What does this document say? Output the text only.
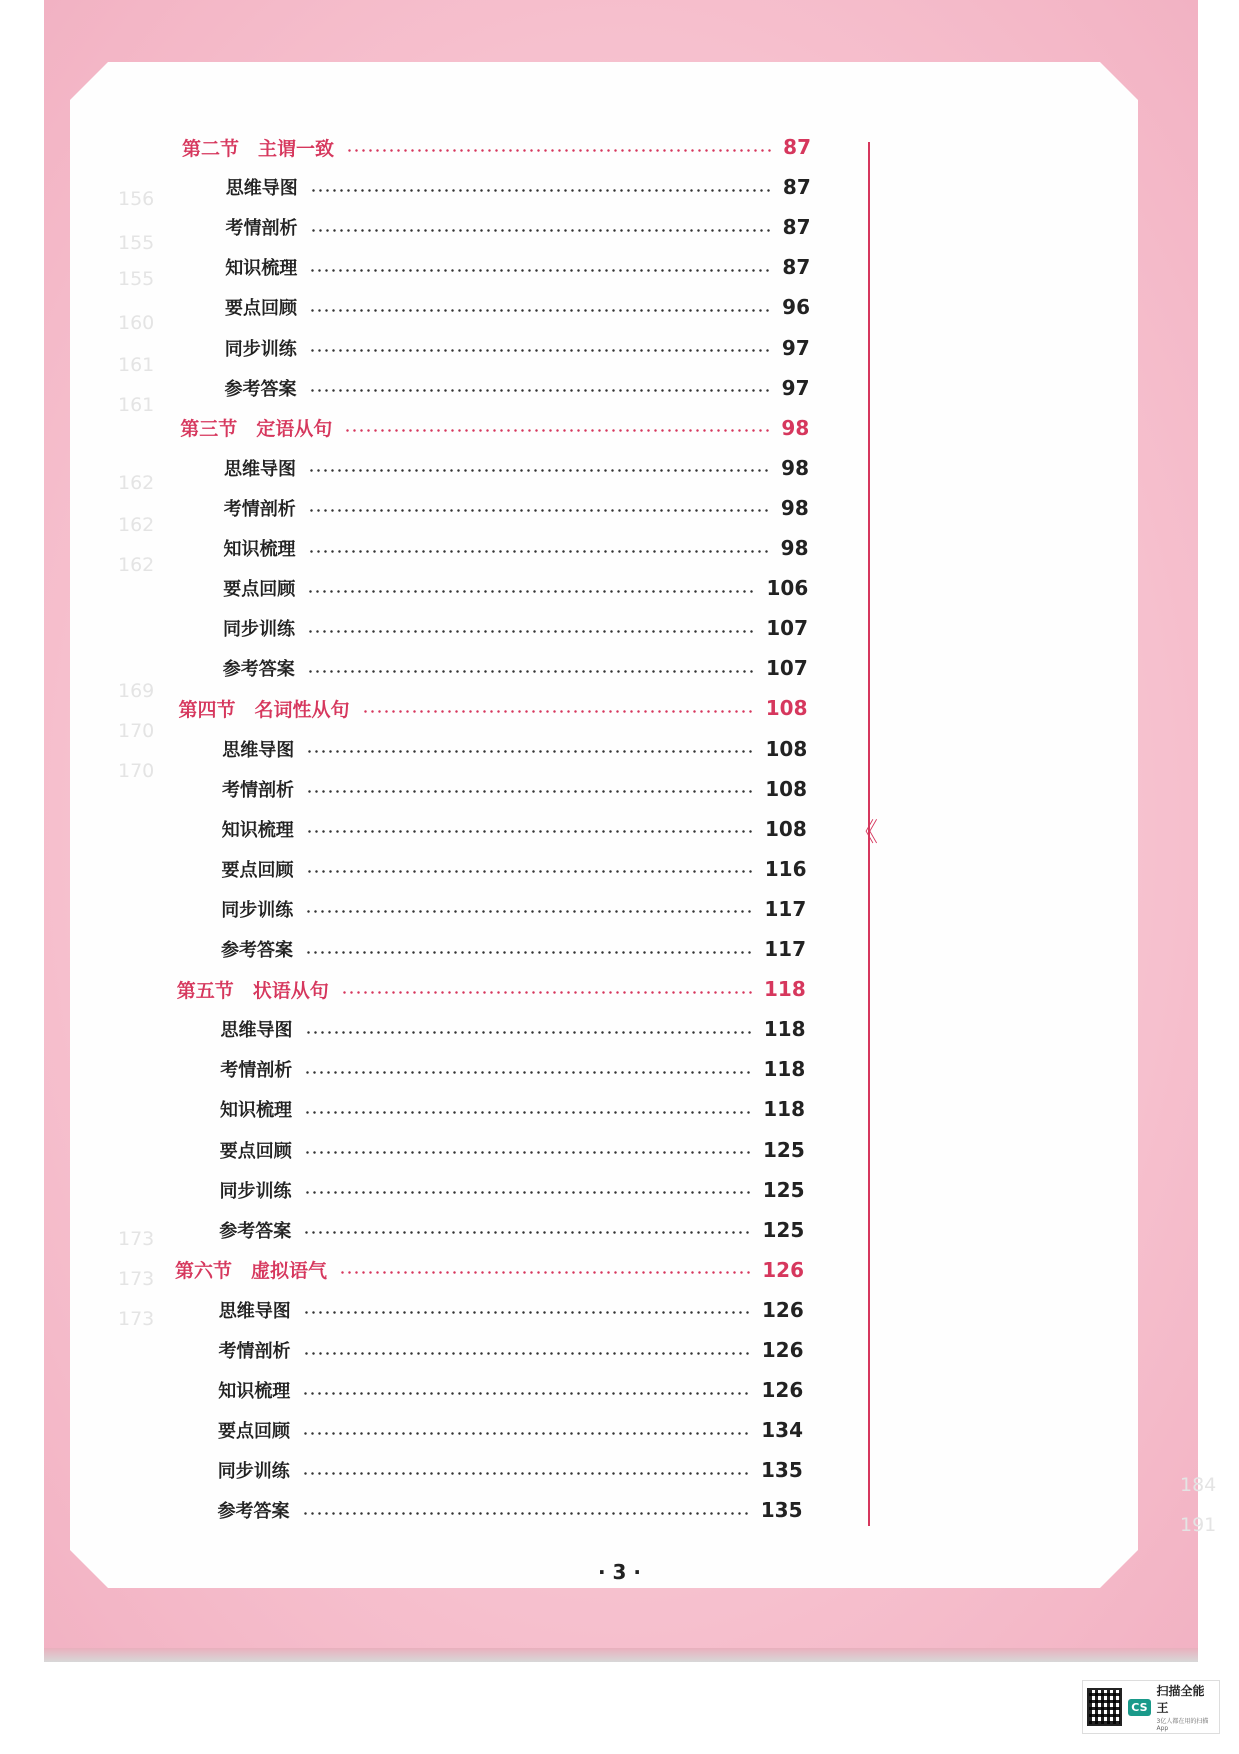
156
155
155
160
161
161
162
162
162
169
170
170
173
173
173
184
191
《
第二节　主谓一致	87
思维导图	87
考情剖析	87
知识梳理	87
要点回顾	96
同步训练	97
参考答案	97
第三节　定语从句	98
思维导图	98
考情剖析	98
知识梳理	98
要点回顾	106
同步训练	107
参考答案	107
第四节　名词性从句	108
思维导图	108
考情剖析	108
知识梳理	108
要点回顾	116
同步训练	117
参考答案	117
第五节　状语从句	118
思维导图	118
考情剖析	118
知识梳理	118
要点回顾	125
同步训练	125
参考答案	125
第六节　虚拟语气	126
思维导图	126
考情剖析	126
知识梳理	126
要点回顾	134
同步训练	135
参考答案	135
· 3 ·
CS
扫描全能王
3亿人都在用的扫描App
